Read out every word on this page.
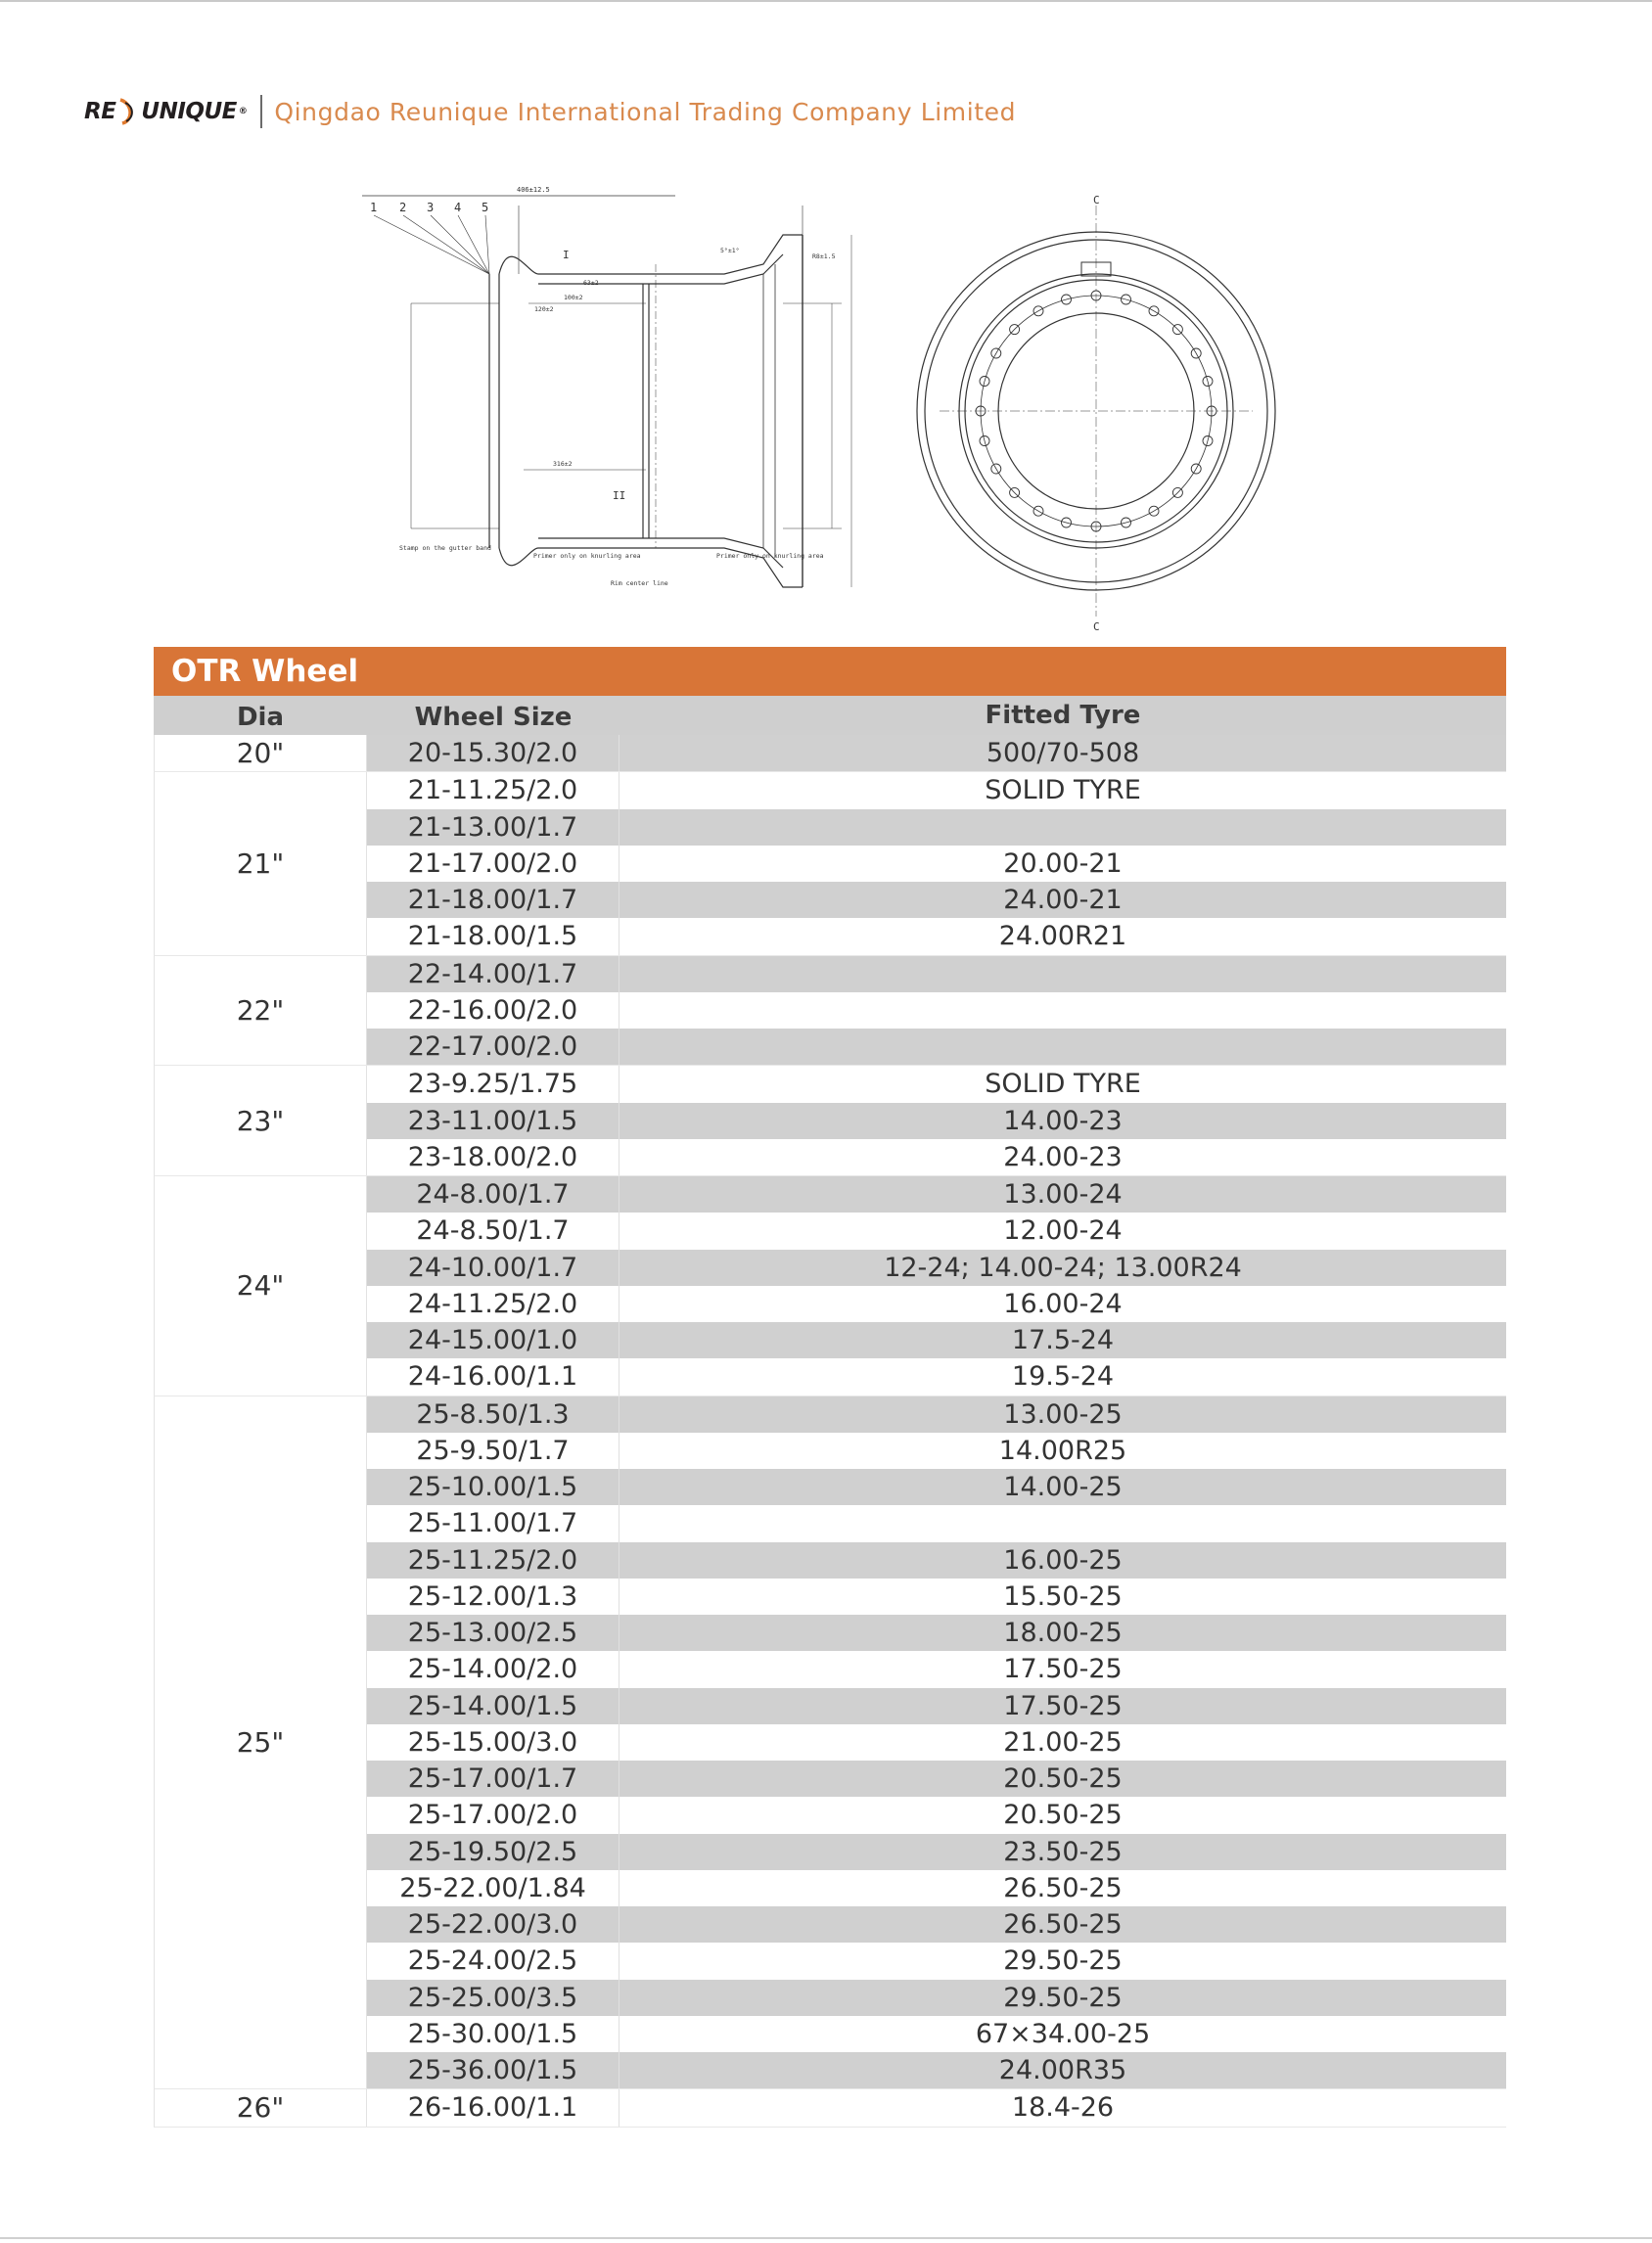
RE UNIQUE ® Qingdao Reunique International Trading Company Limited
406±12.5
1 2 3 4 5
100±2
120±2
316±2
5°±1°
R8±1.5
63±2
Stamp on the gutter band
Primer only on knurling area	Primer only on knurling area
Rim center line
I
II
C
C
OTR Wheel
Dia	Wheel Size	Fitted Tyre
20"	20-15.30/2.0	500/70-508
21"
21-11.25/2.0	SOLID TYRE
21-13.00/1.7
21-17.00/2.0	20.00-21
21-18.00/1.7	24.00-21
21-18.00/1.5	24.00R21
22"
22-14.00/1.7
22-16.00/2.0
22-17.00/2.0
23"
23-9.25/1.75	SOLID TYRE
23-11.00/1.5	14.00-23
23-18.00/2.0	24.00-23
24"
24-8.00/1.7	13.00-24
24-8.50/1.7	12.00-24
24-10.00/1.7	12-24; 14.00-24; 13.00R24
24-11.25/2.0	16.00-24
24-15.00/1.0	17.5-24
24-16.00/1.1	19.5-24
25"
25-8.50/1.3	13.00-25
25-9.50/1.7	14.00R25
25-10.00/1.5	14.00-25
25-11.00/1.7
25-11.25/2.0	16.00-25
25-12.00/1.3	15.50-25
25-13.00/2.5	18.00-25
25-14.00/2.0	17.50-25
25-14.00/1.5	17.50-25
25-15.00/3.0	21.00-25
25-17.00/1.7	20.50-25
25-17.00/2.0	20.50-25
25-19.50/2.5	23.50-25
25-22.00/1.84	26.50-25
25-22.00/3.0	26.50-25
25-24.00/2.5	29.50-25
25-25.00/3.5	29.50-25
25-30.00/1.5	67×34.00-25
25-36.00/1.5	24.00R35
26"	26-16.00/1.1	18.4-26
